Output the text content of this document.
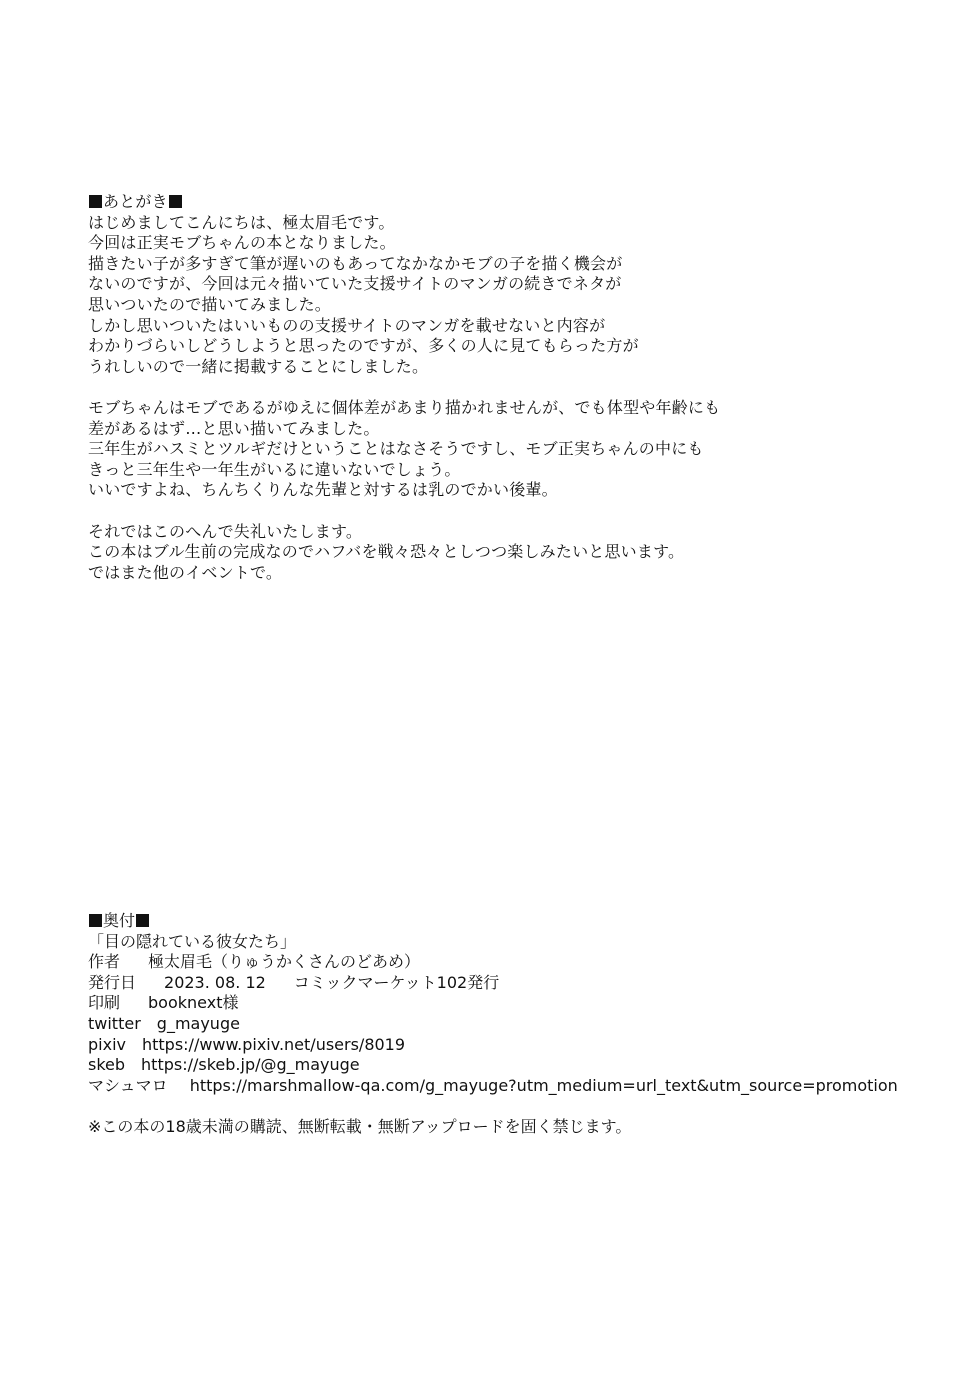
あとがき
はじめましてこんにちは、極太眉毛です。
今回は正実モブちゃんの本となりました。
描きたい子が多すぎて筆が遅いのもあってなかなかモブの子を描く機会が
ないのですが、今回は元々描いていた支援サイトのマンガの続きでネタが
思いついたので描いてみました。
しかし思いついたはいいものの支援サイトのマンガを載せないと内容が
わかりづらいしどうしようと思ったのですが、多くの人に見てもらった方が
うれしいので一緒に掲載することにしました。
モブちゃんはモブであるがゆえに個体差があまり描かれませんが、でも体型や年齢にも
差があるはず…と思い描いてみました。
三年生がハスミとツルギだけということはなさそうですし、モブ正実ちゃんの中にも
きっと三年生や一年生がいるに違いないでしょう。
いいですよね、ちんちくりんな先輩と対するは乳のでかい後輩。
それではこのへんで失礼いたします。
この本はブル生前の完成なのでハフバを戦々恐々としつつ楽しみたいと思います。
ではまた他のイベントで。
奥付
「目の隠れている彼女たち」
作者 極太眉毛（りゅうかくさんのどあめ）
発行日 2023. 08. 12 コミックマーケット102発行
印刷 booknext様
twitter g_mayuge
pixiv https://www.pixiv.net/users/8019
skeb https://skeb.jp/@g_mayuge
マシュマロ https://marshmallow-qa.com/g_mayuge?utm_medium=url_text&utm_source=promotion
※この本の18歳未満の購読、無断転載・無断アップロードを固く禁じます。
